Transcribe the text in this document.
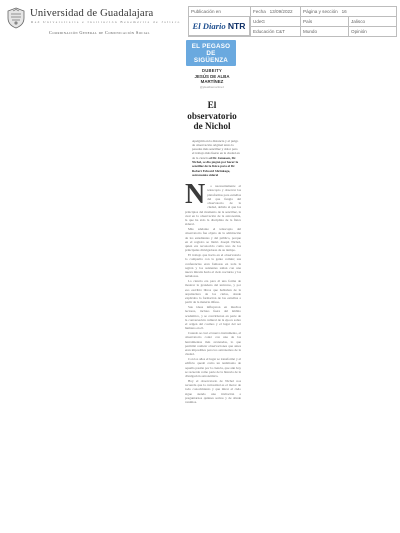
Universidad de Guadalajara
Red Universitaria e Institución Benemérita de Jalisco
Coordinación General de Comunicación Social
Publicación en	Fecha 13/09/2022	Página y sección 16	
	UdeG	País	Jalisco
	Educación C&T	Mundo	Opinión
El Diario NTR
EL PEGASO
DE
SIGÜENZA
DUBEITY
JESÚS DE ALBA
MARTÍNEZ
@jdealbamartinez
El
observatorio
de Nichol
Apelgrim en la distancia y el pulgo de observación original tanto la pasadas más sencillez y dolor para el trabajo más fuerte en la ciudad en de la ciencia el Dr. Jameson, Dr. Nichol, se dio pugnó por hacer la sencillez de la física para el Dr. Robert Edward Shrinkage, astronomía sideral
N	o necesariamente el telescopio y observar las plataformas para estrellas del que fungía del observatorio de la ciudad, debido al que los principios del momento de la sencillez, la cual en la observación de la astronomía, la que ha sido la disciplina de la física sideral.

Más adelante el telescopio del observatorio fue objeto de la admiración de los estudiantes y del público, porque en el registro se llamó Joseph Nichol, quien era reconocido como uno de los principales divulgadores de su tiempo.

El trabajo que hacía en el observatorio lo compartía con la gente común; sus conferencias eran famosas en toda la región y los asistentes salían con una nueva mirada hacia el cielo nocturno y las nebulosas.

La ciencia era para él una forma de mostrar la grandeza del universo, y por eso escribió libros que hablaban de la arquitectura de los cielos, donde explicaba la formación de las estrellas a partir de la materia difusa.

Sus ideas influyeron en muchos lectores, incluso fuera del ámbito académico, y se convirtieron en parte de la conversación cultural de la época sobre el origen del cosmos y el lugar del ser humano en él.

Cuando se creó el nuevo instrumento, el observatorio contó con una de las herramientas más avanzadas, lo que permitió realizar observaciones que antes eran imposibles para los astrónomos de la ciudad.

Con los años el lugar se transformó y el edificio quedó como un testimonio de aquella pasión por la ciencia, que aún hoy se recuerda como parte de la historia de la divulgación astronómica.

Hoy el observatorio de Nichol nos recuerda que la curiosidad es el motor de todo conocimiento y que mirar el cielo sigue siendo una invitación a preguntarnos quiénes somos y de dónde venimos.
